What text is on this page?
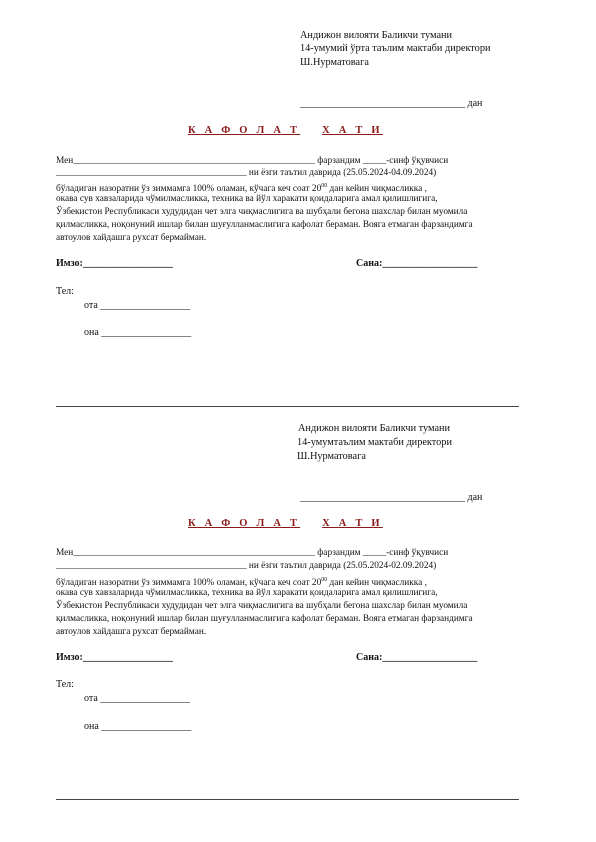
Андижон вилояти Баликчи тумани
14-умумий ўрта таълим мактаби директори
Ш.Нурматовага
_________________________________ дан
К А Ф О Л А Т Х А Т И
Мен____________________________________________________ фарзандим _____-синф ўқувчиси
_________________________________________ ни ёзги таътил даврида (25.05.2024-04.09.2024)
бўладиган назоратни ўз зиммамга 100% оламан, кўчага кеч соат $20^{00}$ дан кейин чиқмасликка ,
окава сув хавзаларида чўмилмасликка, техника ва йўл харакати қоидаларига амал қилишлигига,
Ўзбекистон Республикаси худудидан чет элга чиқмаслигига ва шубҳали бегона шахслар билан муомила
қилмасликка, ноқонуний ишлар билан шуғулланмаслигига кафолат бераман. Вояга етмаган фарзандимга
автоулов хайдашга рухсат бермайман.
Имзо:__________________	Сана:___________________
Тел:
ота __________________
она __________________
Андижон вилояти Баликчи тумани
14-умумтаълим мактаби директори
Ш.Нурматовага
_________________________________ дан
К А Ф О Л А Т Х А Т И
Мен____________________________________________________ фарзандим _____-синф ўқувчиси
_________________________________________ ни ёзги таътил даврида (25.05.2024-02.09.2024)
бўладиган назоратни ўз зиммамга 100% оламан, кўчага кеч соат $20^{00}$ дан кейин чиқмасликка ,
окава сув хавзаларида чўмилмасликка, техника ва йўл харакати қоидаларига амал қилишлигига,
Ўзбекистон Республикаси худудидан чет элга чиқмаслигига ва шубҳали бегона шахслар билан муомила
қилмасликка, ноқонуний ишлар билан шуғулланмаслигига кафолат бераман. Вояга етмаган фарзандимга
автоулов хайдашга рухсат бермайман.
Имзо:__________________	Сана:___________________
Тел:
ота __________________
она __________________
